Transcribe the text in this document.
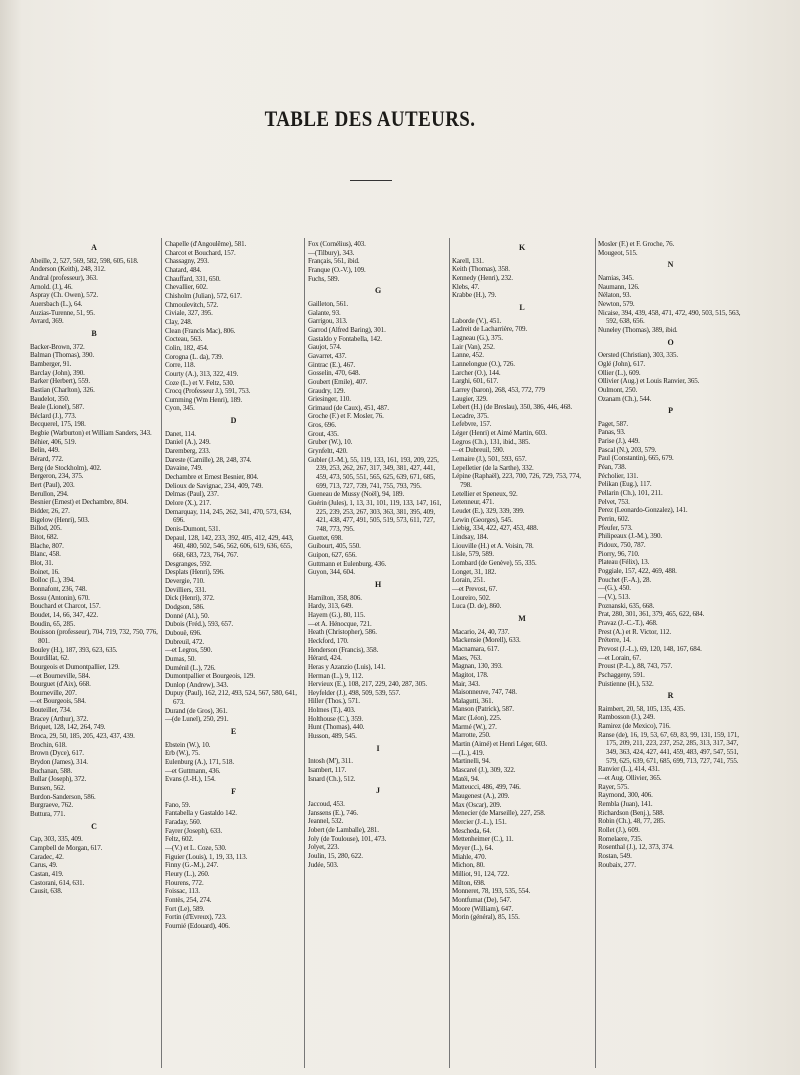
TABLE DES AUTEURS.
A
Abeille, 2, 527, 569, 582, 598, 605, 618.
Anderson (Keith), 248, 312.
Andral (professeur), 363.
Arnold. (J.), 46.
Aspray (Ch. Owen), 572.
Auersbach (L.), 64.
Auzias-Turenne, 51, 95.
Avrard, 369.
B
Backer-Brown, 372.
Balman (Thomas), 390.
Bamberger, 91.
Barclay (John), 390.
Barker (Herbert), 559.
Bastian (Charlton), 326.
Baudelot, 350.
Beale (Lionel), 587.
Béclard (J.), 773.
Becquerel, 175, 198.
Begbie (Warburton) et William Sanders, 343.
Béhier, 406, 519.
Belin, 449.
Bérard, 772.
Berg (de Stockholm), 402.
Bergeron, 234, 375.
Bert (Paul), 203.
Berullon, 294.
Besnier (Ernest) et Dechambre, 804.
Bidder, 26, 27.
Bigelow (Henri), 503.
Billod, 205.
Bitot, 682.
Blache, 807.
Blanc, 458.
Blot, 31.
Boinet, 16.
Bolloc (L.), 394.
Bonnafont, 236, 748.
Bossu (Antonin), 670.
Bouchard et Charcot, 157.
Boudet, 14, 66, 347, 422.
Boudin, 65, 285.
Bouisson (professeur), 704, 719, 732, 750, 776, 801.
Bouley (H.), 187, 393, 623, 635.
Bourdillat, 62.
Bourgeois et Dumontpallier, 129.
—et Bourneville, 584.
Bourguet (d'Aix), 668.
Bourneville, 207.
—et Bourgeois, 584.
Bouteiller, 734.
Bracey (Arthur), 372.
Briquet, 128, 142, 264, 749.
Broca, 29, 50, 185, 205, 423, 437, 439.
Brochin, 618.
Brown (Dyce), 617.
Brydon (James), 314.
Buchanan, 588.
Bullar (Joseph), 372.
Bunsen, 562.
Burdon-Sanderson, 586.
Burgraeve, 762.
Buttura, 771.
C
Cap, 303, 335, 409.
Campbell de Morgan, 617.
Caradec, 42.
Carus, 49.
Castan, 419.
Castorani, 614, 631.
Causit, 638.
Chapelle (d'Angoulême), 581.
Charcot et Bouchard, 157.
Chassagny, 293.
Chatard, 484.
Chauffard, 331, 650.
Chevallier, 602.
Chisholm (Julian), 572, 617.
Chmoulevitch, 572.
Civiale, 327, 395.
Clay, 248.
Clean (Francis Mac), 806.
Cocteau, 563.
Colin, 182, 454.
Corogna (L. da), 739.
Corre, 118.
Courty (A.), 313, 322, 419.
Coze (L.) et V. Feltz, 530.
Crocq (Professeur J.), 591, 753.
Cumming (Wm Henri), 189.
Cyon, 345.
D
Danet, 114.
Daniel (A.), 249.
Daremberg, 233.
Dareste (Camille), 28, 248, 374.
Davaine, 749.
Dechambre et Ernest Besnier, 804.
Delioux de Savignac, 234, 409, 749.
Delmas (Paul), 237.
Delore (X.), 217.
Demarquay, 114, 245, 262, 341, 470, 573, 634, 696.
Denis-Dumont, 531.
Depaul, 128, 142, 233, 392, 405, 412, 429, 443, 460, 480, 502, 546, 562, 606, 619, 636, 655, 668, 683, 723, 764, 767.
Desgranges, 592.
Desplats (Henri), 596.
Devergie, 710.
Devilliers, 331.
Dick (Henri), 372.
Dodgson, 586.
Donné (Al.), 50.
Dubois (Fréd.), 593, 657.
Dubouë, 696.
Dubreuil, 472.
—et Legros, 590.
Dumas, 50.
Duménil (L.), 726.
Dumontpallier et Bourgeois, 129.
Dunlop (Andrew), 343.
Dupuy (Paul), 162, 212, 493, 524, 567, 580, 641, 673.
Durand (de Gros), 361.
—(de Lunel), 250, 291.
E
Ebstein (W.), 10.
Erb (W.), 75.
Eulenburg (A.), 171, 518.
—et Guttmann, 436.
Evans (J.-H.), 154.
F
Fano, 59.
Fantabella y Gastaldo 142.
Faraday, 560.
Fayrer (Joseph), 633.
Feltz, 602.
—(V.) et L. Coze, 530.
Figuier (Louis), 1, 19, 33, 113.
Finny (G.-M.), 247.
Fleury (L.), 260.
Flourens, 772.
Foissac, 113.
Fontès, 254, 274.
Fort (Le), 589.
Fortin (d'Evreux), 723.
Fournié (Edouard), 406.
Fox (Cornélius), 403.
—(Tilbury), 343.
Français, 561, ibid.
Franque (O.-V.), 109.
Fuchs, 589.
G
Gailleton, 561.
Galante, 93.
Garrigou, 313.
Garrod (Alfred Baring), 301.
Gastaldo y Fontabella, 142.
Gaujot, 574.
Gavarret, 437.
Gintrac (E.), 467.
Gosselin, 470, 648.
Goubert (Emile), 407.
Graudry, 129.
Griesinger, 110.
Grimaud (de Caux), 451, 487.
Groche (F.) et F. Mosler, 76.
Gros, 696.
Grout, 435.
Gruber (W.), 10.
Grynfeltt, 420.
Gubler (J.-M.), 55, 119, 133, 161, 193, 209, 225, 239, 253, 262, 267, 317, 349, 381, 427, 441, 459, 473, 505, 551, 565, 625, 639, 671, 685, 699, 713, 727, 739, 741, 755, 793, 795.
Gueneau de Mussy (Noël), 94, 189.
Guérin (Jules), 1, 13, 31, 101, 119, 133, 147, 161, 225, 239, 253, 267, 303, 363, 381, 395, 409, 421, 438, 477, 491, 505, 519, 573, 611, 727, 748, 773, 795.
Guettet, 698.
Guibourt, 405, 550.
Guipon, 627, 656.
Guttmann et Eulenburg, 436.
Guyon, 344, 604.
H
Hamilton, 358, 806.
Hardy, 313, 649.
Hayem (G.), 80, 115.
—et A. Hénocque, 721.
Heath (Christopher), 586.
Heckford, 170.
Henderson (Francis), 358.
Hérard, 424.
Heras y Azanzio (Luis), 141.
Herman (L.), 9, 112.
Hervieux (E.), 108, 217, 229, 240, 287, 305.
Heyfelder (J.), 498, 509, 539, 557.
Hiller (Thos.), 571.
Holmes (T.), 403.
Holthouse (C.), 359.
Hunt (Thomas), 440.
Husson, 489, 545.
I
Intosh (M'), 311.
Isambert, 117.
Isnard (Ch.), 512.
J
Jaccoud, 453.
Janssens (E.), 746.
Jeannel, 532.
Jobert (de Lamballe), 281.
Joly (de Toulouse), 101, 473.
Jolyet, 223.
Joulin, 15, 280, 622.
Judée, 503.
K
Karell, 131.
Keith (Thomas), 358.
Kennedy (Henri), 232.
Klebs, 47.
Krabbe (H.), 79.
L
Laborde (V.), 451.
Ladreit de Lacharrière, 709.
Lagneau (G.), 375.
Lair (Van), 252.
Lanne, 452.
Lannelongue (O.), 726.
Larcher (O.), 144.
Larghi, 601, 617.
Larrey (baron), 268, 453, 772, 779
Laugier, 329.
Lebert (H.) (de Breslau), 350, 386, 446, 468.
Lecadre, 375.
Lefebvre, 157.
Léger (Henri) et Aimé Martin, 603.
Legros (Ch.), 131, ibid., 385.
—et Dubreuil, 590.
Lemaire (J.), 501, 593, 657.
Lepelletier (de la Sarthe), 332.
Lépine (Raphaël), 223, 700, 726, 729, 753, 774, 798.
Letellier et Speneux, 92.
Letenneur, 471.
Leudet (E.), 329, 339, 399.
Lewin (Georges), 545.
Liebig, 334, 422, 427, 453, 488.
Lindsay, 184.
Liouville (H.) et A. Voisin, 78.
Lisle, 579, 589.
Lombard (de Genève), 55, 335.
Longet, 31, 182.
Lorain, 251.
—et Prevost, 67.
Loureiro, 502.
Luca (D. de), 860.
M
Macario, 24, 40, 737.
Mackensie (Morell), 633.
Macnamara, 617.
Maes, 763.
Magnan, 130, 393.
Magitot, 178.
Mair, 343.
Maisonneuve, 747, 748.
Malagutti, 361.
Manson (Patrick), 587.
Marc (Léon), 225.
Marmé (W.), 27.
Marrotte, 250.
Martin (Aimé) et Henri Léger, 603.
—(L.), 419.
Martinelli, 94.
Mascarel (J.), 309, 322.
Matéi, 94.
Matteucci, 486, 499, 746.
Maugenest (A.), 209.
Max (Oscar), 209.
Menecier (de Marseille), 227, 258.
Mercier (J.-L.), 151.
Mescheda, 64.
Mettenheimer (C.), 11.
Meyer (L.), 64.
Miahle, 470.
Michon, 80.
Milliot, 91, 124, 722.
Milton, 698.
Monneret, 78, 193, 535, 554.
Montfumat (De), 547.
Moore (William), 647.
Morin (général), 85, 155.
Mosler (F.) et F. Groche, 76.
Mougeot, 515.
N
Namias, 345.
Naumann, 126.
Nélaton, 93.
Newton, 579.
Nicaise, 394, 439, 458, 471, 472, 490, 503, 515, 563, 592, 638, 656.
Nuneley (Thomas), 389, ibid.
O
Oersted (Christian), 303, 335.
Oglé (John), 617.
Ollier (L.), 609.
Ollivier (Aug.) et Louis Ranvier, 365.
Oulmont, 250.
Ozanam (Ch.), 544.
P
Paget, 587.
Panas, 93.
Parise (J.), 449.
Pascal (N.), 203, 579.
Paul (Constantin), 665, 679.
Péan, 738.
Pécholier, 131.
Pelikan (Eug.), 117.
Pellarin (Ch.), 101, 211.
Pelvet, 753.
Perez (Leonardo-Gonzalez), 141.
Perrin, 602.
Pfeufer, 573.
Philipeaux (J.-M.), 390.
Pidoux, 750, 787.
Piorry, 96, 710.
Plateau (Félix), 13.
Poggiale, 157, 422, 469, 488.
Pouchet (F.-A.), 28.
—(G.), 450.
—(V.), 513.
Poznanski, 635, 668.
Prat, 280, 301, 361, 379, 465, 622, 684.
Pravaz (J.-C.-T.), 468.
Prest (A.) et R. Victor, 112.
Préterre, 14.
Prevost (J.-L.), 69, 120, 148, 167, 684.
—et Lorain, 67.
Proust (P.-L.), 88, 743, 757.
Pschaggeny, 591.
Puistienne (H.), 532.
R
Raimbert, 20, 58, 105, 135, 435.
Rambosson (J.), 249.
Ramirez (de Mexico), 716.
Ranse (de), 16, 19, 53, 67, 69, 83, 99, 131, 159, 171, 175, 209, 211, 223, 237, 252, 285, 313, 317, 347, 349, 363, 424, 427, 441, 459, 483, 497, 547, 551, 579, 625, 639, 671, 685, 699, 713, 727, 741, 755.
Ranvier (L.), 414, 431.
—et Aug. Ollivier, 365.
Rayer, 575.
Raymond, 300, 406.
Rembla (Juan), 141.
Richardson (Benj.), 588.
Robin (Ch.), 48, 77, 285.
Rollet (J.), 609.
Romelaere, 735.
Rosenthal (J.), 12, 373, 374.
Rostan, 549.
Roubaix, 277.
